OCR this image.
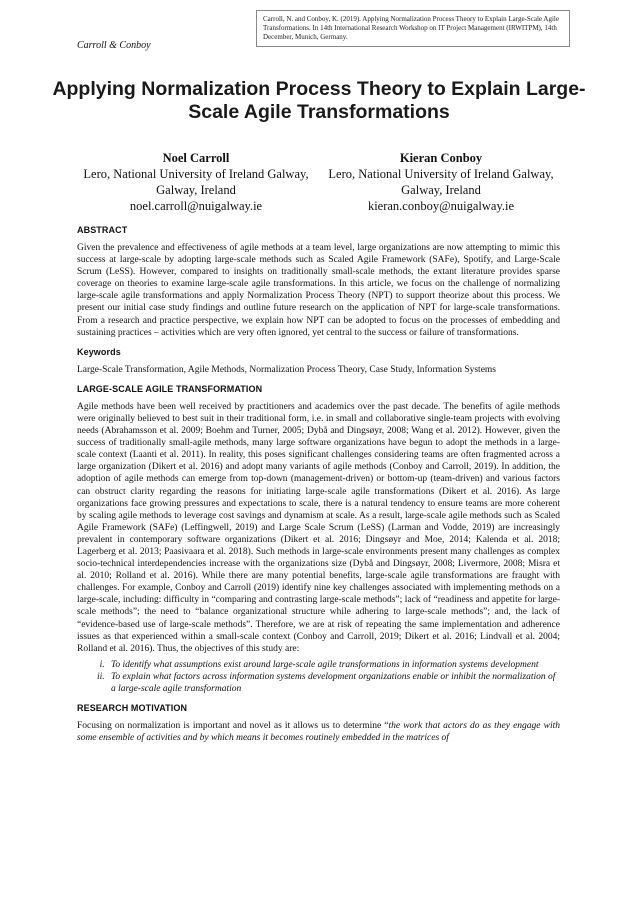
Carroll & Conboy
Carroll, N. and Conboy, K. (2019). Applying Normalization Process Theory to Explain Large-Scale Agile Transformations. In 14th International Research Workshop on IT Project Management (IRWITPM), 14th December, Munich, Germany.
Applying Normalization Process Theory to Explain Large-Scale Agile Transformations
Noel Carroll
Lero, National University of Ireland Galway,
Galway, Ireland
noel.carroll@nuigalway.ie
Kieran Conboy
Lero, National University of Ireland Galway,
Galway, Ireland
kieran.conboy@nuigalway.ie
ABSTRACT

Given the prevalence and effectiveness of agile methods at a team level, large organizations are now attempting to mimic this success at large-scale by adopting large-scale methods such as Scaled Agile Framework (SAFe), Spotify, and Large-Scale Scrum (LeSS). However, compared to insights on traditionally small-scale methods, the extant literature provides sparse coverage on theories to examine large-scale agile transformations. In this article, we focus on the challenge of normalizing large-scale agile transformations and apply Normalization Process Theory (NPT) to support theorize about this process. We present our initial case study findings and outline future research on the application of NPT for large-scale transformations. From a research and practice perspective, we explain how NPT can be adopted to focus on the processes of embedding and sustaining practices – activities which are very often ignored, yet central to the success or failure of transformations.

Keywords

Large-Scale Transformation, Agile Methods, Normalization Process Theory, Case Study, Information Systems

LARGE-SCALE AGILE TRANSFORMATION

Agile methods have been well received by practitioners and academics over the past decade. The benefits of agile methods were originally believed to best suit in their traditional form, i.e. in small and collaborative single-team projects with evolving needs (Abrahamsson et al. 2009; Boehm and Turner, 2005; Dybå and Dingsøyr, 2008; Wang et al. 2012). However, given the success of traditionally small-agile methods, many large software organizations have begun to adopt the methods in a large-scale context (Laanti et al. 2011). In reality, this poses significant challenges considering teams are often fragmented across a large organization (Dikert et al. 2016) and adopt many variants of agile methods (Conboy and Carroll, 2019). In addition, the adoption of agile methods can emerge from top-down (management-driven) or bottom-up (team-driven) and various factors can obstruct clarity regarding the reasons for initiating large-scale agile transformations (Dikert et al. 2016). As large organizations face growing pressures and expectations to scale, there is a natural tendency to ensure teams are more coherent by scaling agile methods to leverage cost savings and dynamism at scale. As a result, large-scale agile methods such as Scaled Agile Framework (SAFe) (Leffingwell, 2019) and Large Scale Scrum (LeSS) (Larman and Vodde, 2019) are increasingly prevalent in contemporary software organizations (Dikert et al. 2016; Dingsøyr and Moe, 2014; Kalenda et al. 2018; Lagerberg et al. 2013; Paasivaara et al. 2018). Such methods in large-scale environments present many challenges as complex socio-technical interdependencies increase with the organizations size (Dybå and Dingsøyr, 2008; Livermore, 2008; Misra et al. 2010; Rolland et al. 2016). While there are many potential benefits, large-scale agile transformations are fraught with challenges. For example, Conboy and Carroll (2019) identify nine key challenges associated with implementing methods on a large-scale, including: difficulty in “comparing and contrasting large-scale methods”; lack of “readiness and appetite for large-scale methods”; the need to “balance organizational structure while adhering to large-scale methods”; and, the lack of “evidence-based use of large-scale methods”. Therefore, we are at risk of repeating the same implementation and adherence issues as that experienced within a small-scale context (Conboy and Carroll, 2019; Dikert et al. 2016; Lindvall et al. 2004; Rolland et al. 2016). Thus, the objectives of this study are:

i. To identify what assumptions exist around large-scale agile transformations in information systems development
ii. To explain what factors across information systems development organizations enable or inhibit the normalization of a large-scale agile transformation
RESEARCH MOTIVATION

Focusing on normalization is important and novel as it allows us to determine “the work that actors do as they engage with some ensemble of activities and by which means it becomes routinely embedded in the matrices of
